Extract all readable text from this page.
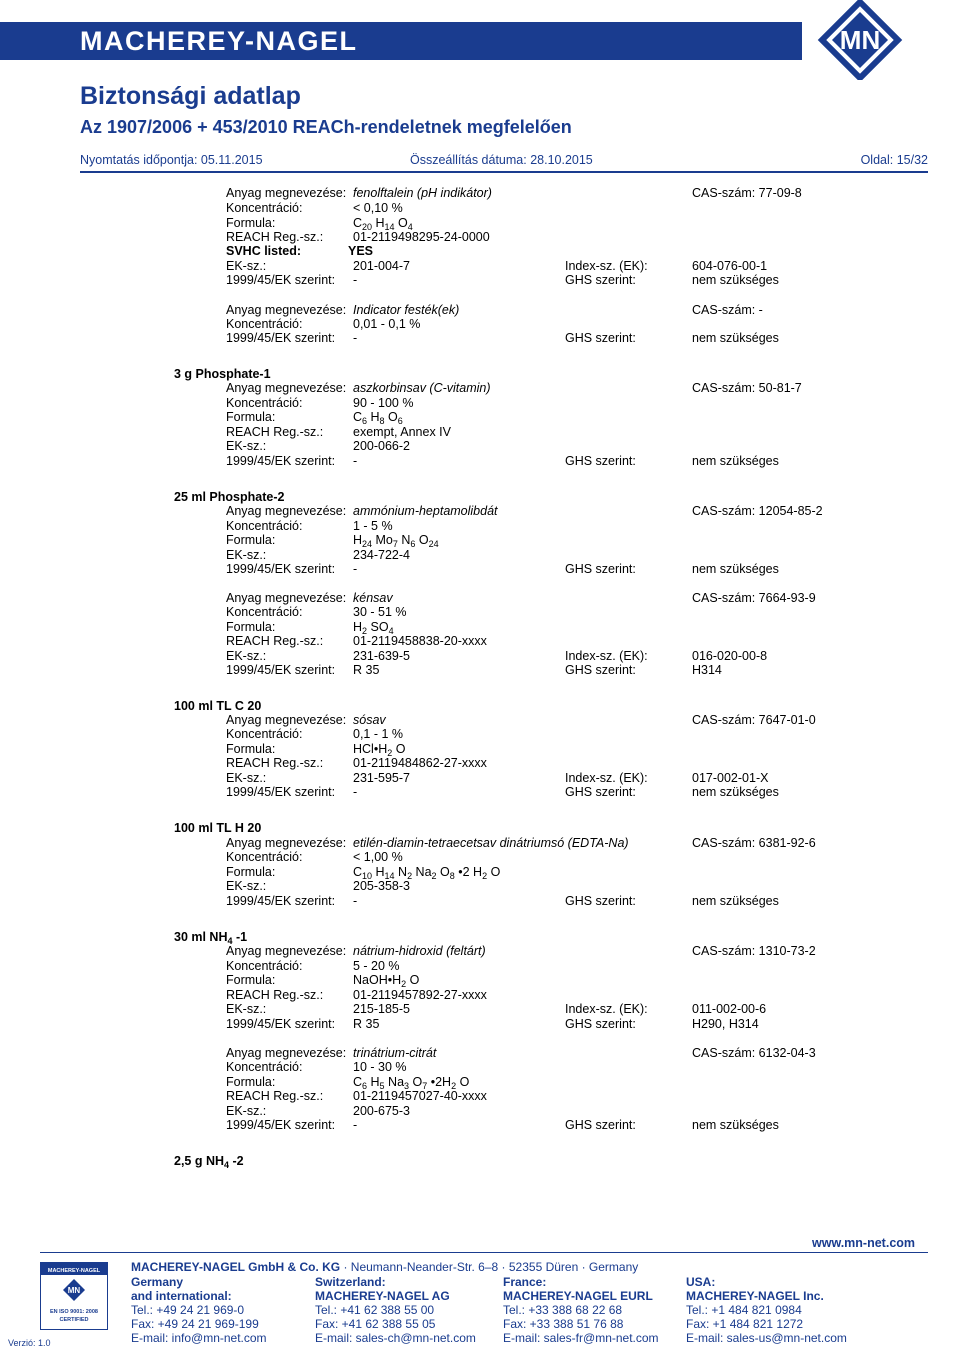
MACHEREY-NAGEL	MN
Biztonsági adatlap
Az 1907/2006 + 453/2010 REACh-rendeletnek megfelelően
Nyomtatás időpontja: 05.11.2015	Összeállítás dátuma: 28.10.2015	Oldal: 15/32
Anyag megnevezése: fenolftalein (pH indikátor)	CAS-szám: 77-09-8
Koncentráció:	< 0,10 %
Formula:	$C_{20}$ $H_{14}$ $O_4$
REACH Reg.-sz.: 01-2119498295-24-0000
SVHC listed:	YES
EK-sz.:	201-004-7	Index-sz. (EK):	604-076-00-1
1999/45/EK szerint: -	GHS szerint:	nem szükséges
Anyag megnevezése: Indicator festék(ek)	CAS-szám: -
Koncentráció:	0,01 - 0,1 %
1999/45/EK szerint: -	GHS szerint:	nem szükséges
3 g Phosphate-1
Anyag megnevezése: aszkorbinsav (C-vitamin)	CAS-szám: 50-81-7
Koncentráció:	90 - 100 %
Formula:	$C_6$ $H_8$ $O_6$
REACH Reg.-sz.: exempt, Annex IV
EK-sz.:	200-066-2
1999/45/EK szerint: -	GHS szerint:	nem szükséges
25 ml Phosphate-2
Anyag megnevezése: ammónium-heptamolibdát	CAS-szám: 12054-85-2
Koncentráció:	1 - 5 %
Formula:	$H_{24}$ $Mo_7$ $N_6$ $O_{24}$
EK-sz.:	234-722-4
1999/45/EK szerint: -	GHS szerint:	nem szükséges
Anyag megnevezése: kénsav	CAS-szám: 7664-93-9
Koncentráció:	30 - 51 %
Formula:	$H_2$ $SO_4$
REACH Reg.-sz.: 01-2119458838-20-xxxx
EK-sz.:	231-639-5	Index-sz. (EK):	016-020-00-8
1999/45/EK szerint: R 35	GHS szerint:	H314
100 ml TL C 20
Anyag megnevezése: sósav	CAS-szám: 7647-01-0
Koncentráció:	0,1 - 1 %
Formula:	$HCl•H_2$ O
REACH Reg.-sz.: 01-2119484862-27-xxxx
EK-sz.:	231-595-7	Index-sz. (EK):	017-002-01-X
1999/45/EK szerint: -	GHS szerint:	nem szükséges
100 ml TL H 20
Anyag megnevezése: etilén-diamin-tetraecetsav dinátriumsó (EDTA-Na)	CAS-szám: 6381-92-6
Koncentráció:	< 1,00 %
Formula:	$C_{10}$ $H_{14}$ $N_2$ $Na_2$ $O_8$ •2 $H_2$ O
EK-sz.:	205-358-3
1999/45/EK szerint: -	GHS szerint:	nem szükséges
30 ml $NH_4$ -1
Anyag megnevezése: nátrium-hidroxid (feltárt)	CAS-szám: 1310-73-2
Koncentráció:	5 - 20 %
Formula:	$NaOH•H_2$ O
REACH Reg.-sz.: 01-2119457892-27-xxxx
EK-sz.:	215-185-5	Index-sz. (EK):	011-002-00-6
1999/45/EK szerint: R 35	GHS szerint:	H290, H314
Anyag megnevezése: trinátrium-citrát	CAS-szám: 6132-04-3
Koncentráció:	10 - 30 %
Formula:	$C_6$ $H_5$ $Na_3$ $O_7$ $•2H_2$ O
REACH Reg.-sz.: 01-2119457027-40-xxxx
EK-sz.:	200-675-3
1999/45/EK szerint: -	GHS szerint:	nem szükséges
2,5 g $NH_4$ -2
www.mn-net.com
MACHEREY-NAGEL
MN
EN ISO 9001: 2008
CERTIFIED
MACHEREY-NAGEL GmbH & Co. KG · Neumann-Neander-Str. 6–8 · 52355 Düren · Germany
Germany
and international:
Tel.: +49 24 21 969-0
Fax: +49 24 21 969-199
E-mail: info@mn-net.com
Switzerland:
MACHEREY-NAGEL AG
Tel.: +41 62 388 55 00
Fax: +41 62 388 55 05
E-mail: sales-ch@mn-net.com
France:
MACHEREY-NAGEL EURL
Tel.: +33 388 68 22 68
Fax: +33 388 51 76 88
E-mail: sales-fr@mn-net.com
USA:
MACHEREY-NAGEL Inc.
Tel.: +1 484 821 0984
Fax: +1 484 821 1272
E-mail: sales-us@mn-net.com
Verzió: 1.0
